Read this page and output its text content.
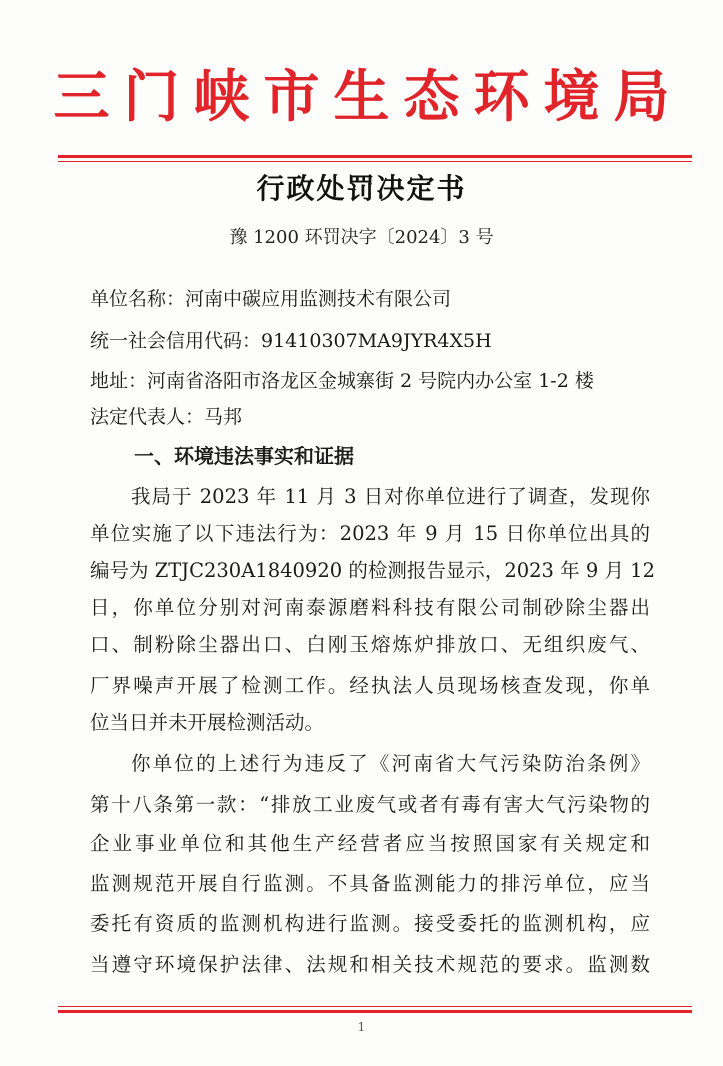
三门峡市生态环境局
行政处罚决定书
豫 1200 环罚决字〔2024〕3 号
单位名称：河南中碳应用监测技术有限公司
统一社会信用代码：91410307MA9JYR4X5H
地址：河南省洛阳市洛龙区金城寨街 2 号院内办公室 1-2 楼
法定代表人：马邦
一、环境违法事实和证据
我局于 2023 年 11 月 3 日对你单位进行了调查，发现你
单位实施了以下违法行为：2023 年 9 月 15 日你单位出具的
编号为 ZTJC230A1840920 的检测报告显示，2023 年 9 月 12
日，你单位分别对河南泰源磨料科技有限公司制砂除尘器出
口、制粉除尘器出口、白刚玉熔炼炉排放口、无组织废气、
厂界噪声开展了检测工作。经执法人员现场核查发现，你单
位当日并未开展检测活动。
你单位的上述行为违反了《河南省大气污染防治条例》
第十八条第一款：“排放工业废气或者有毒有害大气污染物的
企业事业单位和其他生产经营者应当按照国家有关规定和
监测规范开展自行监测。不具备监测能力的排污单位，应当
委托有资质的监测机构进行监测。接受委托的监测机构，应
当遵守环境保护法律、法规和相关技术规范的要求。监测数
1
